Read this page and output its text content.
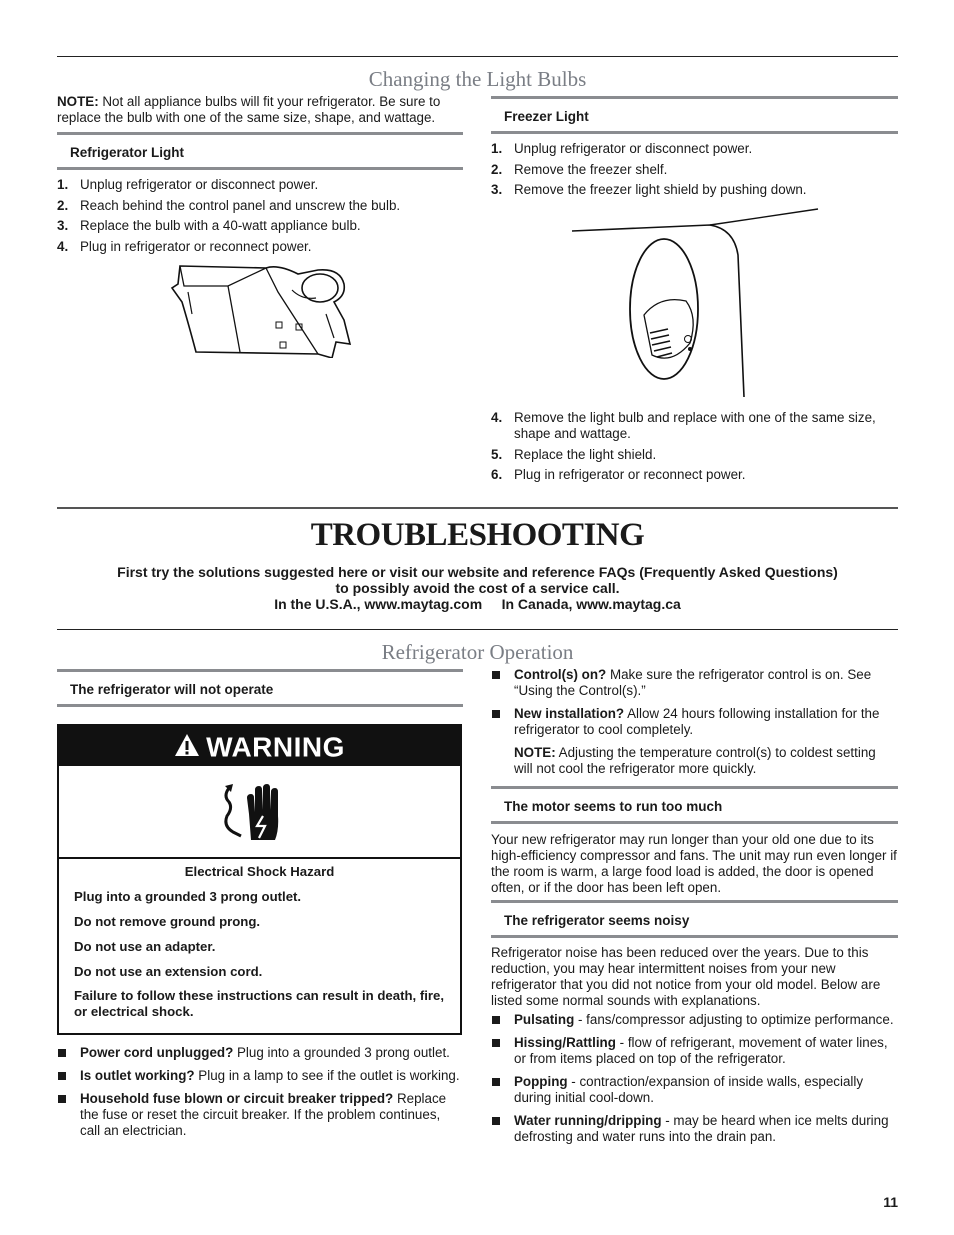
Changing the Light Bulbs
NOTE: Not all appliance bulbs will fit your refrigerator. Be sure to replace the bulb with one of the same size, shape, and wattage.
Refrigerator Light
1. Unplug refrigerator or disconnect power.
2. Reach behind the control panel and unscrew the bulb.
3. Replace the bulb with a 40-watt appliance bulb.
4. Plug in refrigerator or reconnect power.
Freezer Light
1. Unplug refrigerator or disconnect power.
2. Remove the freezer shelf.
3. Remove the freezer light shield by pushing down.
4. Remove the light bulb and replace with one of the same size, shape and wattage.
5. Replace the light shield.
6. Plug in refrigerator or reconnect power.
TROUBLESHOOTING
First try the solutions suggested here or visit our website and reference FAQs (Frequently Asked Questions)
to possibly avoid the cost of a service call.
In the U.S.A., www.maytag.com     In Canada, www.maytag.ca
Refrigerator Operation
The refrigerator will not operate
WARNING
Electrical Shock Hazard
Plug into a grounded 3 prong outlet.
Do not remove ground prong.
Do not use an adapter.
Do not use an extension cord.
Failure to follow these instructions can result in death, fire, or electrical shock.
Power cord unplugged? Plug into a grounded 3 prong outlet.
Is outlet working? Plug in a lamp to see if the outlet is working.
Household fuse blown or circuit breaker tripped? Replace the fuse or reset the circuit breaker. If the problem continues, call an electrician.
Control(s) on? Make sure the refrigerator control is on. See “Using the Control(s).”
New installation? Allow 24 hours following installation for the refrigerator to cool completely.
NOTE: Adjusting the temperature control(s) to coldest setting will not cool the refrigerator more quickly.
The motor seems to run too much
Your new refrigerator may run longer than your old one due to its high-efficiency compressor and fans. The unit may run even longer if the room is warm, a large food load is added, the door is opened often, or if the door has been left open.
The refrigerator seems noisy
Refrigerator noise has been reduced over the years. Due to this reduction, you may hear intermittent noises from your new refrigerator that you did not notice from your old model. Below are listed some normal sounds with explanations.
Pulsating - fans/compressor adjusting to optimize performance.
Hissing/Rattling - flow of refrigerant, movement of water lines, or from items placed on top of the refrigerator.
Popping - contraction/expansion of inside walls, especially during initial cool-down.
Water running/dripping - may be heard when ice melts during defrosting and water runs into the drain pan.
11
